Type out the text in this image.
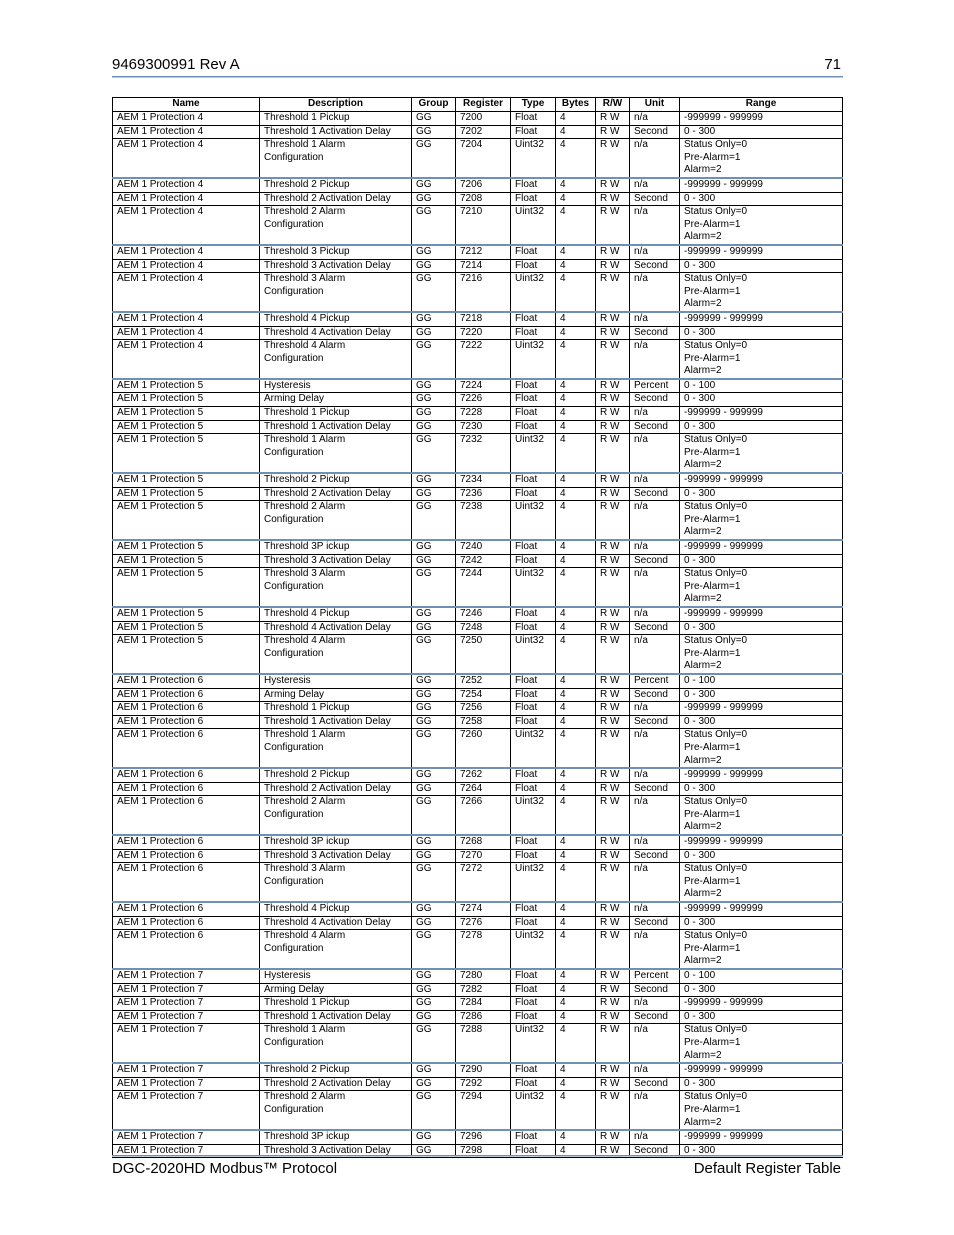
9469300991 Rev A	71
Name	Description	Group	Register	Type	Bytes	R/W	Unit	Range
AEM 1 Protection 4	Threshold 1 Pickup	GG	7200	Float	4	R W	n/a	-999999 - 999999
AEM 1 Protection 4	Threshold 1 Activation Delay	GG	7202	Float	4	R W	Second	0 - 300
AEM 1 Protection 4	Threshold 1 Alarm
Configuration	GG	7204	Uint32	4	R W	n/a	Status Only=0
Pre-Alarm=1
Alarm=2
AEM 1 Protection 4	Threshold 2 Pickup	GG	7206	Float	4	R W	n/a	-999999 - 999999
AEM 1 Protection 4	Threshold 2 Activation Delay	GG	7208	Float	4	R W	Second	0 - 300
AEM 1 Protection 4	Threshold 2 Alarm
Configuration	GG	7210	Uint32	4	R W	n/a	Status Only=0
Pre-Alarm=1
Alarm=2
AEM 1 Protection 4	Threshold 3 Pickup	GG	7212	Float	4	R W	n/a	-999999 - 999999
AEM 1 Protection 4	Threshold 3 Activation Delay	GG	7214	Float	4	R W	Second	0 - 300
AEM 1 Protection 4	Threshold 3 Alarm
Configuration	GG	7216	Uint32	4	R W	n/a	Status Only=0
Pre-Alarm=1
Alarm=2
AEM 1 Protection 4	Threshold 4 Pickup	GG	7218	Float	4	R W	n/a	-999999 - 999999
AEM 1 Protection 4	Threshold 4 Activation Delay	GG	7220	Float	4	R W	Second	0 - 300
AEM 1 Protection 4	Threshold 4 Alarm
Configuration	GG	7222	Uint32	4	R W	n/a	Status Only=0
Pre-Alarm=1
Alarm=2
AEM 1 Protection 5	Hysteresis	GG	7224	Float	4	R W	Percent	0 - 100
AEM 1 Protection 5	Arming Delay	GG	7226	Float	4	R W	Second	0 - 300
AEM 1 Protection 5	Threshold 1 Pickup	GG	7228	Float	4	R W	n/a	-999999 - 999999
AEM 1 Protection 5	Threshold 1 Activation Delay	GG	7230	Float	4	R W	Second	0 - 300
AEM 1 Protection 5	Threshold 1 Alarm
Configuration	GG	7232	Uint32	4	R W	n/a	Status Only=0
Pre-Alarm=1
Alarm=2
AEM 1 Protection 5	Threshold 2 Pickup	GG	7234	Float	4	R W	n/a	-999999 - 999999
AEM 1 Protection 5	Threshold 2 Activation Delay	GG	7236	Float	4	R W	Second	0 - 300
AEM 1 Protection 5	Threshold 2 Alarm
Configuration	GG	7238	Uint32	4	R W	n/a	Status Only=0
Pre-Alarm=1
Alarm=2
AEM 1 Protection 5	Threshold 3P ickup	GG	7240	Float	4	R W	n/a	-999999 - 999999
AEM 1 Protection 5	Threshold 3 Activation Delay	GG	7242	Float	4	R W	Second	0 - 300
AEM 1 Protection 5	Threshold 3 Alarm
Configuration	GG	7244	Uint32	4	R W	n/a	Status Only=0
Pre-Alarm=1
Alarm=2
AEM 1 Protection 5	Threshold 4 Pickup	GG	7246	Float	4	R W	n/a	-999999 - 999999
AEM 1 Protection 5	Threshold 4 Activation Delay	GG	7248	Float	4	R W	Second	0 - 300
AEM 1 Protection 5	Threshold 4 Alarm
Configuration	GG	7250	Uint32	4	R W	n/a	Status Only=0
Pre-Alarm=1
Alarm=2
AEM 1 Protection 6	Hysteresis	GG	7252	Float	4	R W	Percent	0 - 100
AEM 1 Protection 6	Arming Delay	GG	7254	Float	4	R W	Second	0 - 300
AEM 1 Protection 6	Threshold 1 Pickup	GG	7256	Float	4	R W	n/a	-999999 - 999999
AEM 1 Protection 6	Threshold 1 Activation Delay	GG	7258	Float	4	R W	Second	0 - 300
AEM 1 Protection 6	Threshold 1 Alarm
Configuration	GG	7260	Uint32	4	R W	n/a	Status Only=0
Pre-Alarm=1
Alarm=2
AEM 1 Protection 6	Threshold 2 Pickup	GG	7262	Float	4	R W	n/a	-999999 - 999999
AEM 1 Protection 6	Threshold 2 Activation Delay	GG	7264	Float	4	R W	Second	0 - 300
AEM 1 Protection 6	Threshold 2 Alarm
Configuration	GG	7266	Uint32	4	R W	n/a	Status Only=0
Pre-Alarm=1
Alarm=2
AEM 1 Protection 6	Threshold 3P ickup	GG	7268	Float	4	R W	n/a	-999999 - 999999
AEM 1 Protection 6	Threshold 3 Activation Delay	GG	7270	Float	4	R W	Second	0 - 300
AEM 1 Protection 6	Threshold 3 Alarm
Configuration	GG	7272	Uint32	4	R W	n/a	Status Only=0
Pre-Alarm=1
Alarm=2
AEM 1 Protection 6	Threshold 4 Pickup	GG	7274	Float	4	R W	n/a	-999999 - 999999
AEM 1 Protection 6	Threshold 4 Activation Delay	GG	7276	Float	4	R W	Second	0 - 300
AEM 1 Protection 6	Threshold 4 Alarm
Configuration	GG	7278	Uint32	4	R W	n/a	Status Only=0
Pre-Alarm=1
Alarm=2
AEM 1 Protection 7	Hysteresis	GG	7280	Float	4	R W	Percent	0 - 100
AEM 1 Protection 7	Arming Delay	GG	7282	Float	4	R W	Second	0 - 300
AEM 1 Protection 7	Threshold 1 Pickup	GG	7284	Float	4	R W	n/a	-999999 - 999999
AEM 1 Protection 7	Threshold 1 Activation Delay	GG	7286	Float	4	R W	Second	0 - 300
AEM 1 Protection 7	Threshold 1 Alarm
Configuration	GG	7288	Uint32	4	R W	n/a	Status Only=0
Pre-Alarm=1
Alarm=2
AEM 1 Protection 7	Threshold 2 Pickup	GG	7290	Float	4	R W	n/a	-999999 - 999999
AEM 1 Protection 7	Threshold 2 Activation Delay	GG	7292	Float	4	R W	Second	0 - 300
AEM 1 Protection 7	Threshold 2 Alarm
Configuration	GG	7294	Uint32	4	R W	n/a	Status Only=0
Pre-Alarm=1
Alarm=2
AEM 1 Protection 7	Threshold 3P ickup	GG	7296	Float	4	R W	n/a	-999999 - 999999
AEM 1 Protection 7	Threshold 3 Activation Delay	GG	7298	Float	4	R W	Second	0 - 300
DGC-2020HD Modbus™ Protocol	Default Register Table
